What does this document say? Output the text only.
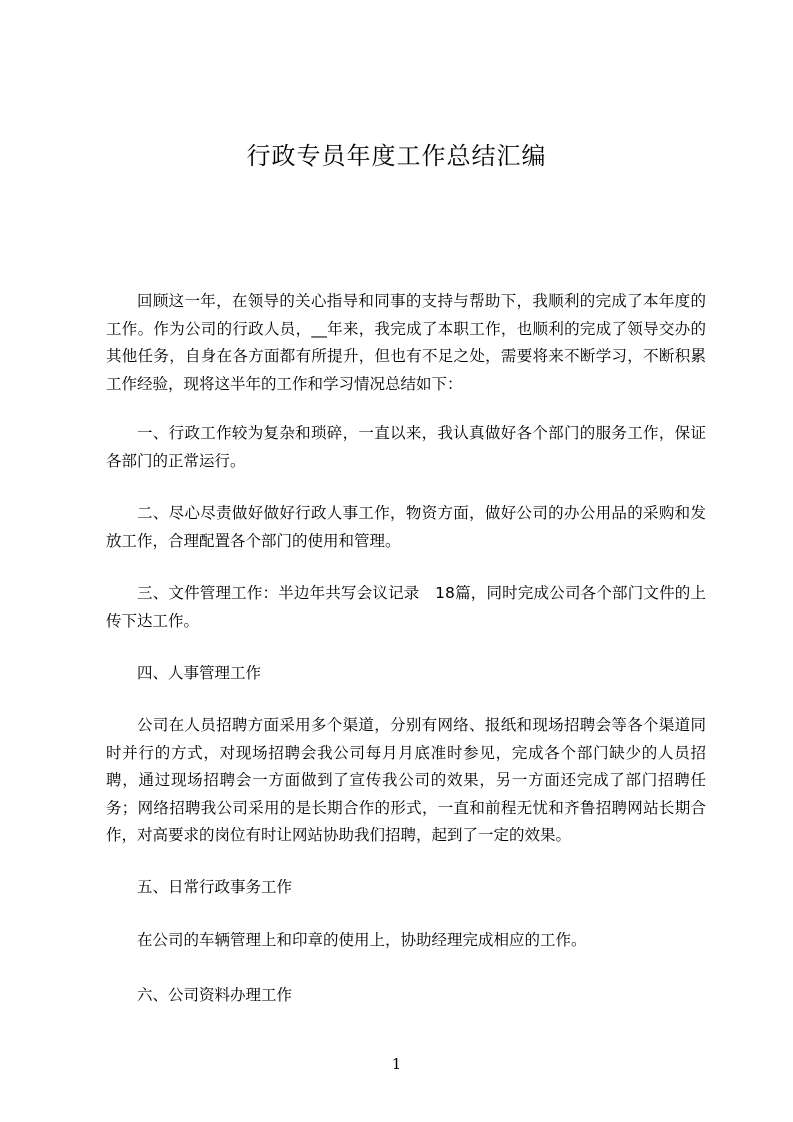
行政专员年度工作总结汇编

回顾这一年，在领导的关心指导和同事的支持与帮助下，我顺利的完成了本年度的工作。作为公司的行政人员，__年来，我完成了本职工作，也顺利的完成了领导交办的其他任务，自身在各方面都有所提升，但也有不足之处，需要将来不断学习，不断积累工作经验，现将这半年的工作和学习情况总结如下：

一、行政工作较为复杂和琐碎，一直以来，我认真做好各个部门的服务工作，保证各部门的正常运行。

二、尽心尽责做好做好行政人事工作，物资方面，做好公司的办公用品的采购和发放工作，合理配置各个部门的使用和管理。

三、文件管理工作：半边年共写会议记录　18篇，同时完成公司各个部门文件的上传下达工作。

四、人事管理工作

公司在人员招聘方面采用多个渠道，分别有网络、报纸和现场招聘会等各个渠道同时并行的方式，对现场招聘会我公司每月月底准时参见，完成各个部门缺少的人员招聘，通过现场招聘会一方面做到了宣传我公司的效果，另一方面还完成了部门招聘任务；网络招聘我公司采用的是长期合作的形式，一直和前程无忧和齐鲁招聘网站长期合作，对高要求的岗位有时让网站协助我们招聘，起到了一定的效果。

五、日常行政事务工作

在公司的车辆管理上和印章的使用上，协助经理完成相应的工作。

六、公司资料办理工作

1
